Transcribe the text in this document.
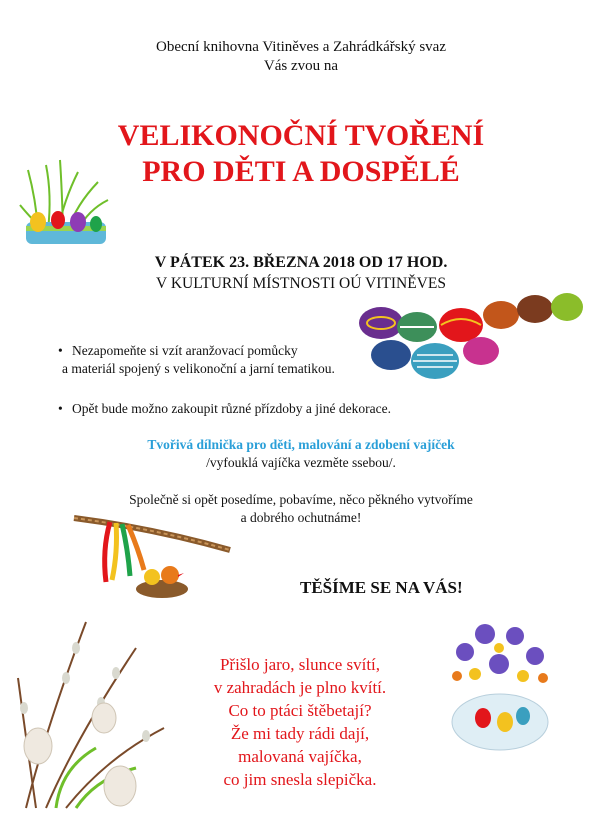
Obecní knihovna Vitiněves a Zahrádkářský svaz
Vás zvou na
VELIKONOČNÍ TVOŘENÍ
PRO DĚTI A DOSPĚLÉ
V PÁTEK 23. BŘEZNA 2018 OD 17 HOD.
V KULTURNÍ MÍSTNOSTI OÚ VITINĚVES
• Nezapomeňte si vzít aranžovací pomůcky
a materiál spojený s velikonoční a jarní tematikou.
• Opět bude možno zakoupit různé přízdoby a jiné dekorace.
Tvořivá dílnička pro děti, malování a zdobení vajíček
/vyfouklá vajíčka vezměte ssebou/.
Společně si opět posedíme, pobavíme, něco pěkného vytvoříme
a dobrého ochutnáme!
TĚŠÍME SE NA VÁS!
Přišlo jaro, slunce svítí,
v zahradách je plno kvítí.
Co to ptáci štěbetají?
Že mi tady rádi dají,
malovaná vajíčka,
co jim snesla slepička.
